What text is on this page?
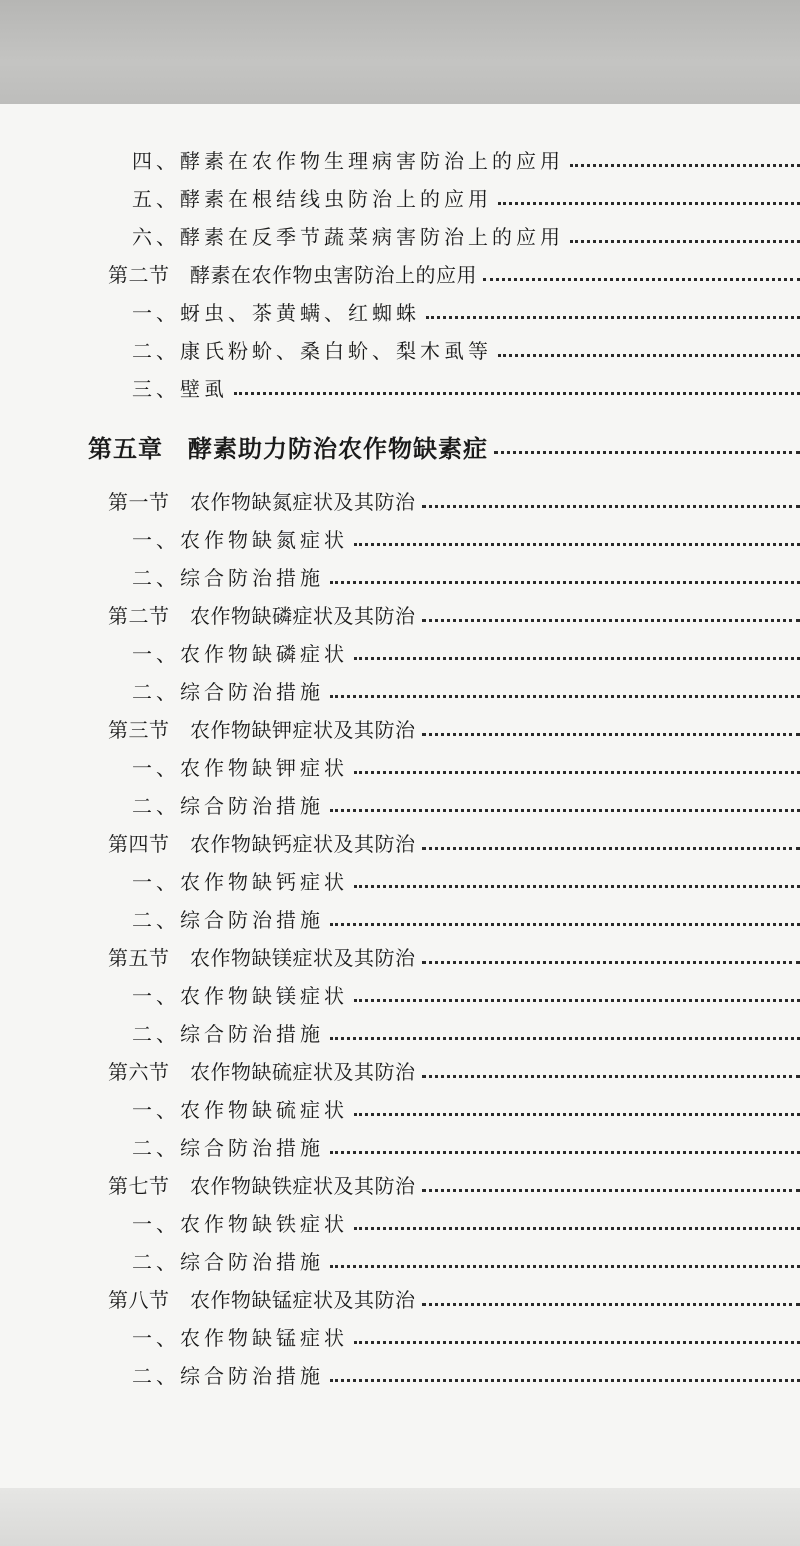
四、酵素在农作物生理病害防治上的应用
五、酵素在根结线虫防治上的应用
六、酵素在反季节蔬菜病害防治上的应用
第二节　酵素在农作物虫害防治上的应用
一、蚜虫、茶黄螨、红蜘蛛
二、康氏粉蚧、桑白蚧、梨木虱等
三、壁虱
第五章　酵素助力防治农作物缺素症
第一节　农作物缺氮症状及其防治
一、农作物缺氮症状
二、综合防治措施
第二节　农作物缺磷症状及其防治
一、农作物缺磷症状
二、综合防治措施
第三节　农作物缺钾症状及其防治
一、农作物缺钾症状
二、综合防治措施
第四节　农作物缺钙症状及其防治
一、农作物缺钙症状
二、综合防治措施
第五节　农作物缺镁症状及其防治
一、农作物缺镁症状
二、综合防治措施
第六节　农作物缺硫症状及其防治
一、农作物缺硫症状
二、综合防治措施
第七节　农作物缺铁症状及其防治
一、农作物缺铁症状
二、综合防治措施
第八节　农作物缺锰症状及其防治
一、农作物缺锰症状
二、综合防治措施
